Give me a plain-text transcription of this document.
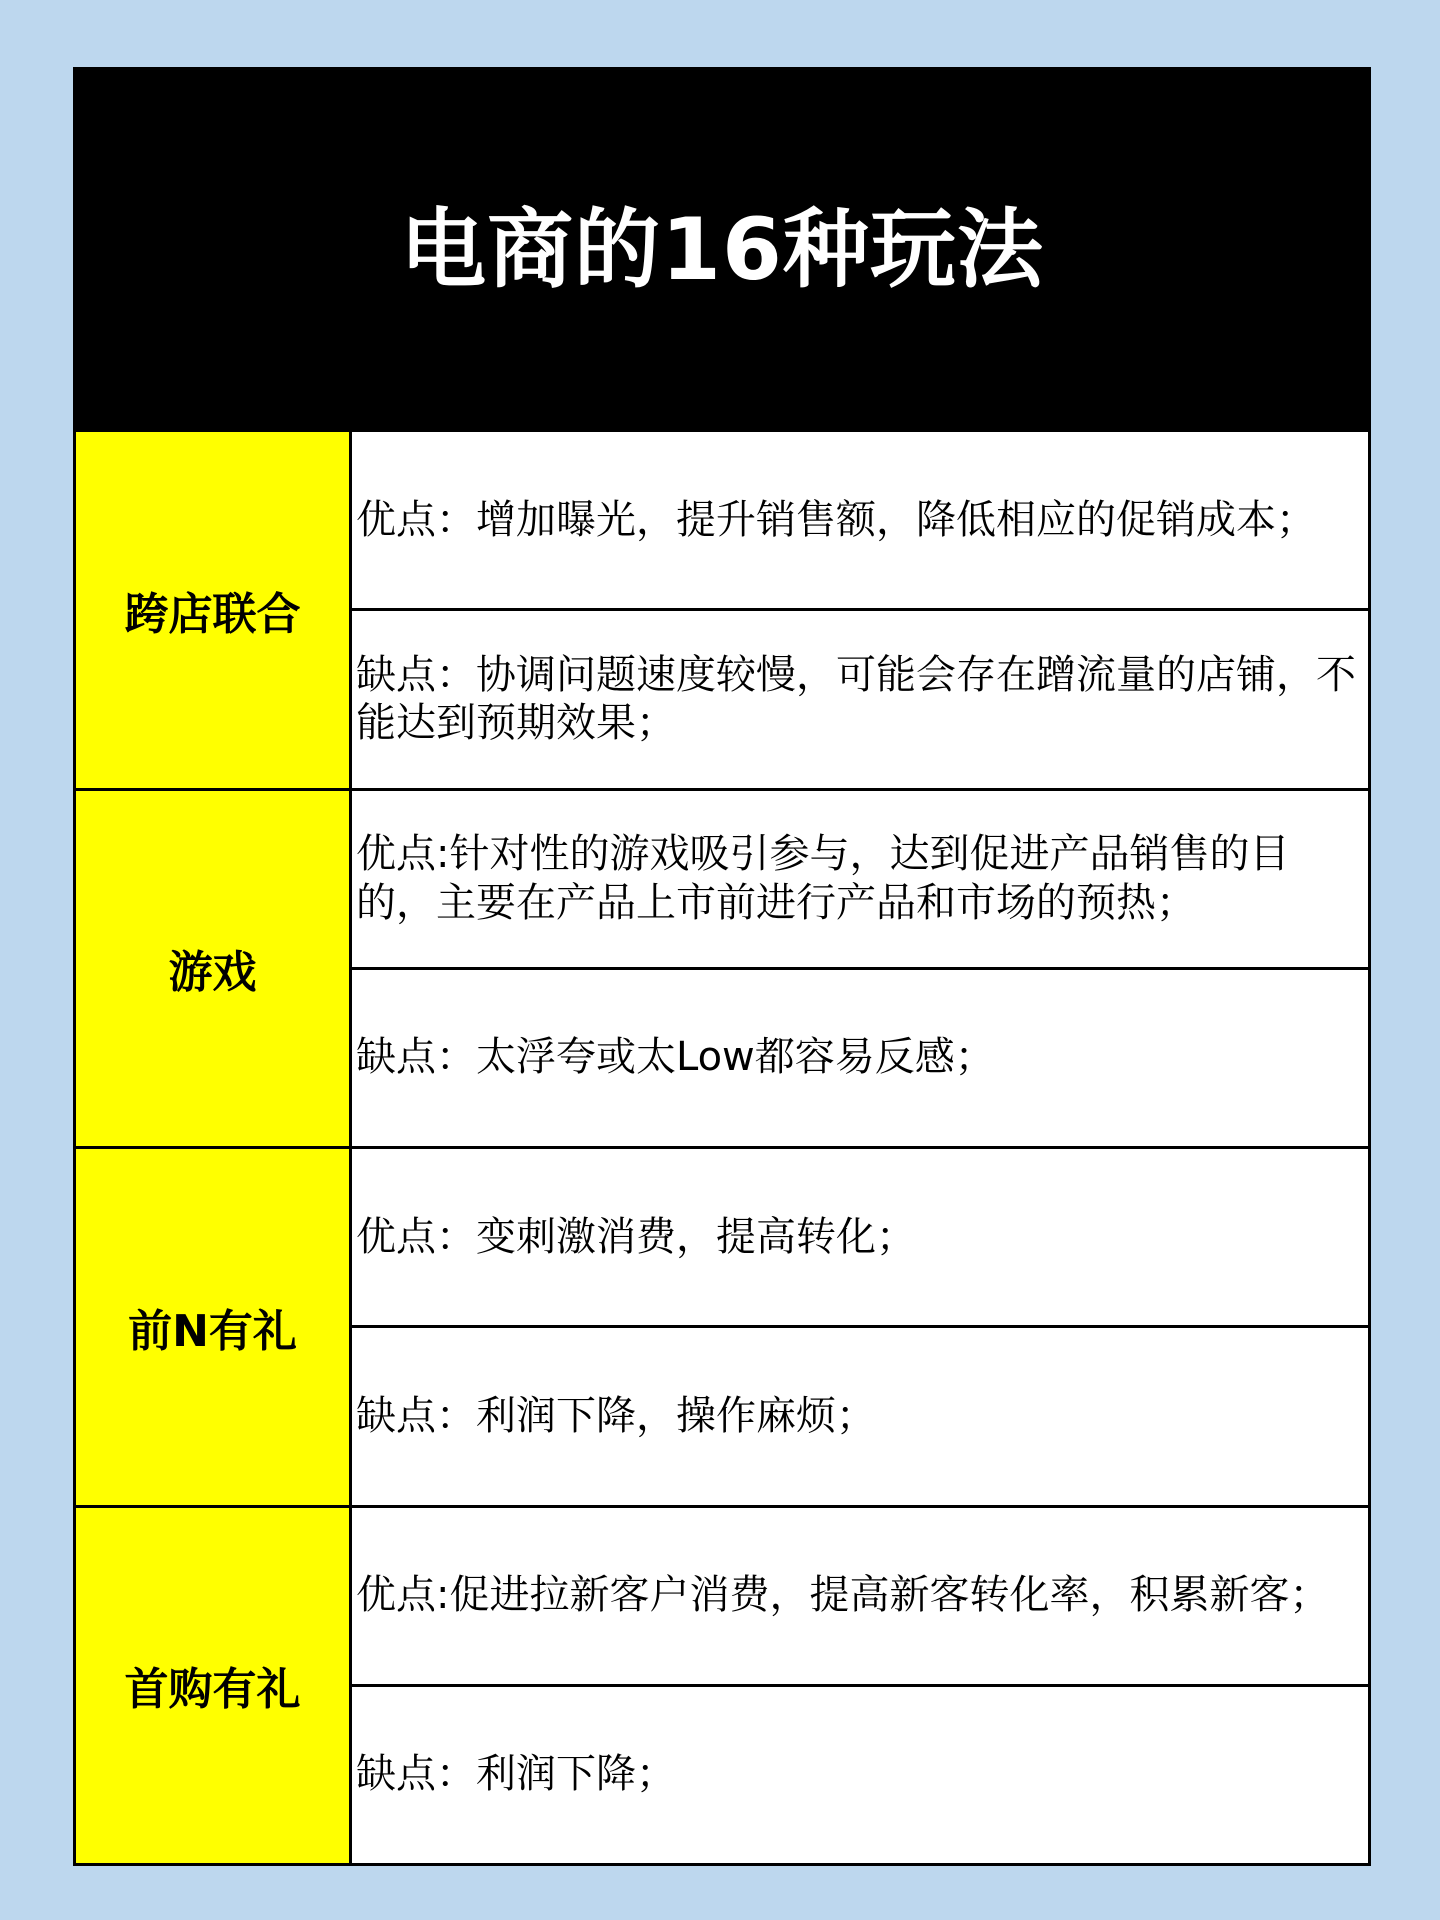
电商的16种玩法
跨店联合
优点：增加曝光，提升销售额，降低相应的促销成本；
缺点：协调问题速度较慢，可能会存在蹭流量的店铺，不能达到预期效果；
游戏
优点:针对性的游戏吸引参与，达到促进产品销售的目的，主要在产品上市前进行产品和市场的预热；
缺点：太浮夸或太Low都容易反感；
前N有礼
优点：变刺激消费，提高转化；
缺点：利润下降，操作麻烦；
首购有礼
优点:促进拉新客户消费，提高新客转化率，积累新客；
缺点：利润下降；
